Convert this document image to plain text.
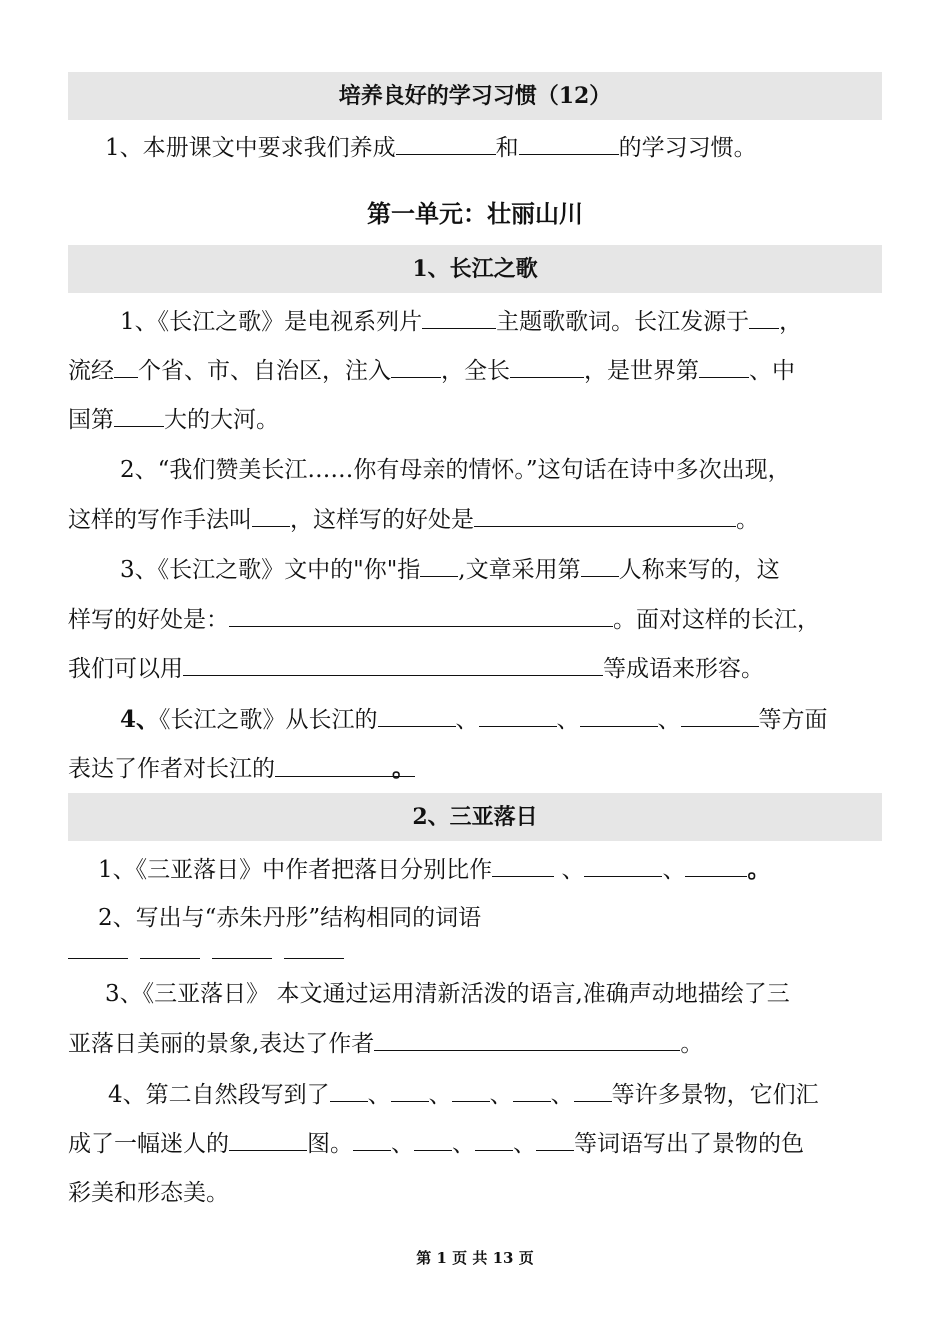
培养良好的学习习惯（12）
1、本册课文中要求我们养成	和	的学习习惯。
第一单元：壮丽山川
1、长江之歌
1、《长江之歌》是电视系列片	主题歌歌词。长江发源于 ，
流经 个省、市、自治区，注入 ，全长	，是世界第 、中
国第 大的大河。
2、“我们赞美长江……你有母亲的情怀。”这句话在诗中多次出现，
这样的写作手法叫 ，这样写的好处是	。
3、《长江之歌》文中的"你"指 ,文章采用第 人称来写的，这
样写的好处是：	。面对这样的长江，
我们可以用	等成语来形容。
4、《长江之歌》从长江的	、	、	、	等方面
表达了作者对长江的	。
2、三亚落日
1、《三亚落日》中作者把落日分别比作	、	、	。
2、写出与“赤朱丹彤”结构相同的词语
3、《三亚落日》 本文通过运用清新活泼的语言,准确声动地描绘了三
亚落日美丽的景象,表达了作者	。
4、第二自然段写到了 、 、 、 、 等许多景物，它们汇
成了一幅迷人的	图。 、 、 、 等词语写出了景物的色
彩美和形态美。
第 1 页 共 13 页
